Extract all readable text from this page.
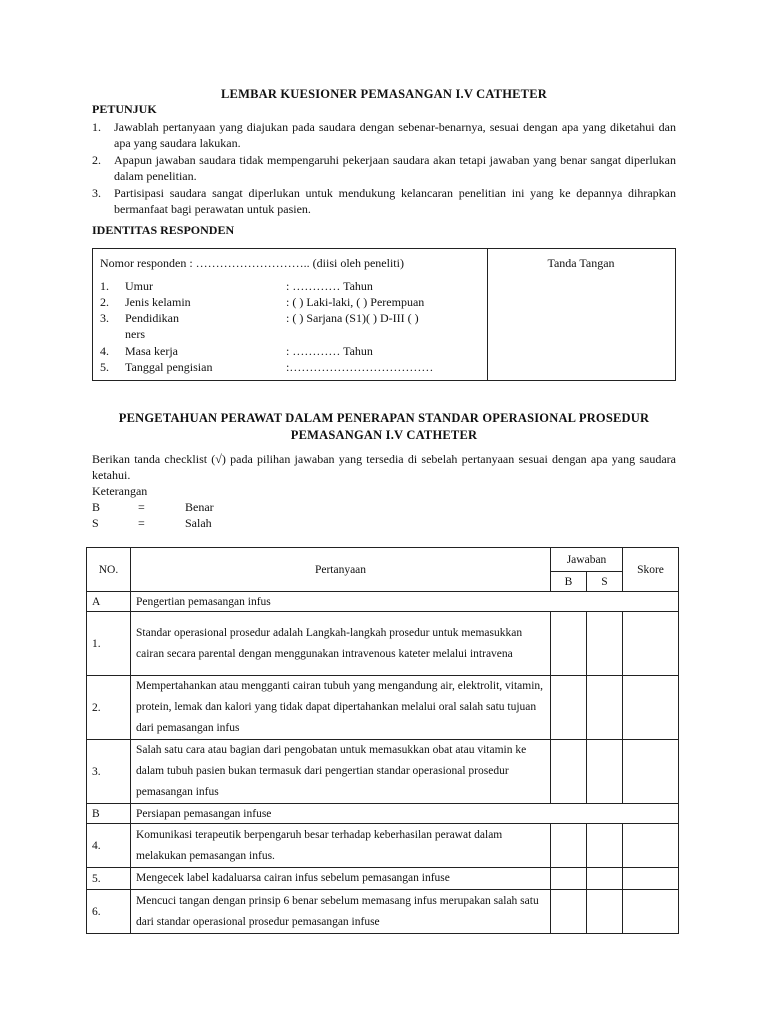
LEMBAR KUESIONER PEMASANGAN I.V CATHETER
PETUNJUK
1.	Jawablah pertanyaan yang diajukan pada saudara dengan sebenar-benarnya, sesuai dengan apa yang diketahui dan apa yang saudara lakukan.
2.	Apapun jawaban saudara tidak mempengaruhi pekerjaan saudara akan tetapi jawaban yang benar sangat diperlukan dalam penelitian.
3.	Partisipasi saudara sangat diperlukan untuk mendukung kelancaran penelitian ini yang ke depannya dihrapkan bermanfaat bagi perawatan untuk pasien.
IDENTITAS RESPONDEN
Nomor responden : ……………………….. (diisi oleh peneliti)	Tanda Tangan
1.	Umur	: ………… Tahun
2.	Jenis kelamin	: ( ) Laki-laki, ( ) Perempuan
3.	Pendidikan	: ( ) Sarjana (S1)( ) D-III ( )
ners
4.	Masa kerja	: ………… Tahun
5.	Tanggal pengisian	:………………………………
PENGETAHUAN PERAWAT DALAM PENERAPAN STANDAR OPERASIONAL PROSEDUR
PEMASANGAN I.V CATHETER
Berikan tanda checklist (√) pada pilihan jawaban yang tersedia di sebelah pertanyaan sesuai dengan apa yang saudara ketahui.
Keterangan
B	=	Benar
S	=	Salah
NO.	Pertanyaan	Jawaban		Skore
		B	S	
A	Pengertian pemasangan infus			
1.	Standar operasional prosedur adalah Langkah-langkah prosedur untuk memasukkan cairan secara parental dengan menggunakan intravenous kateter melalui intravena			
2.	Mempertahankan atau mengganti cairan tubuh yang mengandung air, elektrolit, vitamin, protein, lemak dan kalori yang tidak dapat dipertahankan melalui oral salah satu tujuan dari pemasangan infus			
3.	Salah satu cara atau bagian dari pengobatan untuk memasukkan obat atau vitamin ke dalam tubuh pasien bukan termasuk dari pengertian standar operasional prosedur pemasangan infus			
B	Persiapan pemasangan infuse			
4.	Komunikasi terapeutik berpengaruh besar terhadap keberhasilan perawat dalam melakukan pemasangan infus.			
5.	Mengecek label kadaluarsa cairan infus sebelum pemasangan infuse			
6.	Mencuci tangan dengan prinsip 6 benar sebelum memasang infus merupakan salah satu dari standar operasional prosedur pemasangan infuse			
